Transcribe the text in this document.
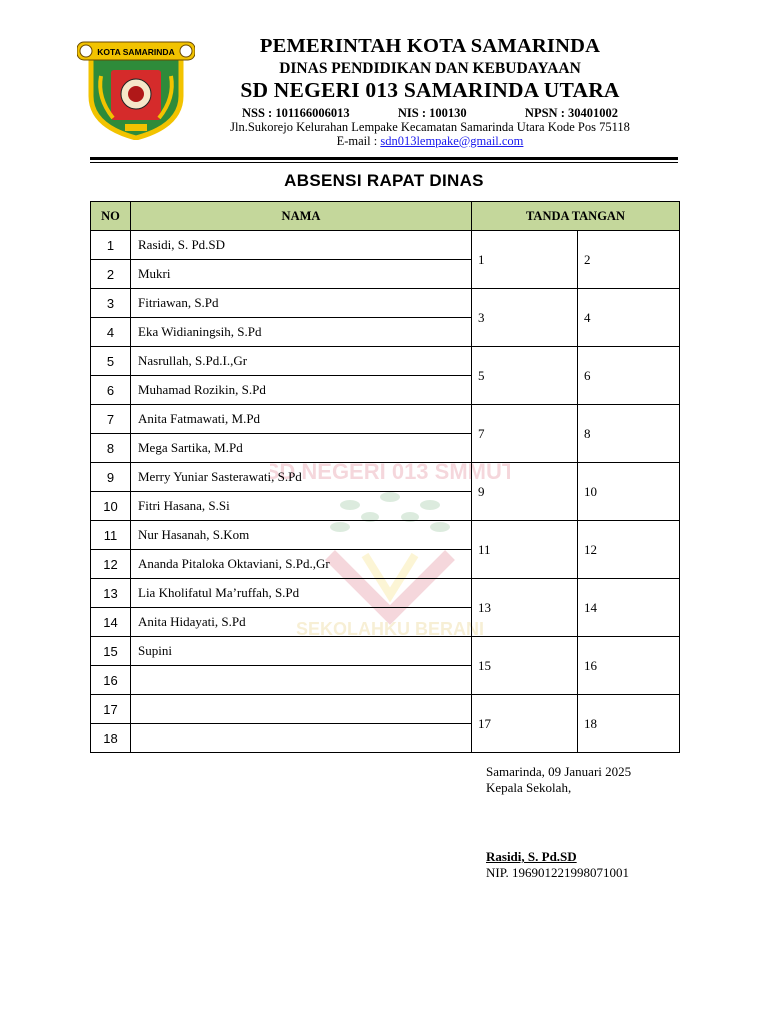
KOTA SAMARINDA	PEMERINTAH KOTA SAMARINDA
DINAS PENDIDIKAN DAN KEBUDAYAAN
SD NEGERI 013 SAMARINDA UTARA
NSS : 101166006013	NIS : 100130	NPSN : 30401002
Jln.Sukorejo Kelurahan Lempake Kecamatan Samarinda Utara Kode Pos 75118
E-mail : sdn013lempake@gmail.com
ABSENSI RAPAT DINAS
SD NEGERI 013 SMMUT
SEKOLAHKU BERANI
NO	NAMA	TANDA TANGAN	
1	Rasidi, S. Pd.SD	1	2
2	Mukri		
3	Fitriawan, S.Pd	3	4
4	Eka Widianingsih, S.Pd		
5	Nasrullah, S.Pd.I.,Gr	5	6
6	Muhamad Rozikin, S.Pd		
7	Anita Fatmawati, M.Pd	7	8
8	Mega Sartika, M.Pd		
9	Merry Yuniar Sasterawati, S.Pd	9	10
10	Fitri Hasana, S.Si		
11	Nur Hasanah, S.Kom	11	12
12	Ananda Pitaloka Oktaviani, S.Pd.,Gr		
13	Lia Kholifatul Ma’ruffah, S.Pd	13	14
14	Anita Hidayati, S.Pd		
15	Supini	15	16
16			
17		17	18
18			
Samarinda, 09 Januari 2025
Kepala Sekolah,
Rasidi, S. Pd.SD
NIP. 196901221998071001
